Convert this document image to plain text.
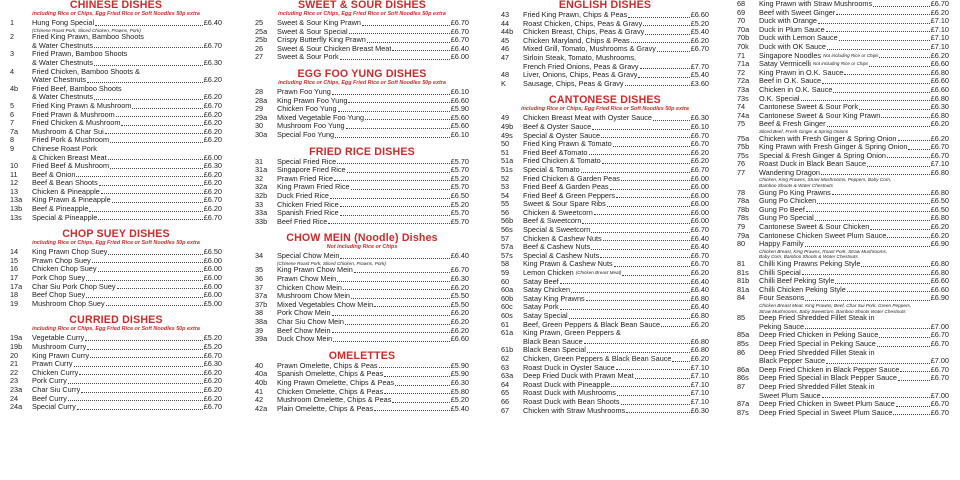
CHINESE DISHES
including Rice or Chips, Egg Fried Rice or Soft Noodles 50p extra
1	Hung Fong Special	£6.40
(Chinese Roast Pork, Sliced Chicken, Prawns, Pork)
2	Fried King Prawn, Bamboo Shoots
& Water Chestnuts	£6.70
3	Fried Prawn, Bamboo Shoots
& Water Chestnuts	£6.30
4	Fried Chicken, Bamboo Shoots &
Water Chestnuts	£6.20
4b	Fried Beef, Bamboo Shoots
& Water Chestnuts	£6.20
5	Fried King Prawn & Mushroom	£6.70
6	Fried Prawn & Mushroom	£6.20
7	Fried Chicken & Mushroom	£6.20
7a	Mushroom & Char Sui	£6.20
8	Fried Pork & Mushroom	£6.20
9	Chinese Roast Pork
& Chicken Breast Meat	£6.00
10	Fried Beef & Mushroom	£6.30
11	Beef & Onion	£6.20
12	Beef & Bean Shoots	£6.20
13	Chicken & Pineapple	£6.20
13a	King Prawn & Pineapple	£6.70
13b	Beef & Pineapple	£6.20
13s	Special & Pineapple	£6.70
CHOP SUEY DISHES
including Rice or Chips, Egg Fried Rice or Soft Noodles 50p extra
14	King Prawn Chop Suey	£6.50
15	Prawn Chop Suey	£6.00
16	Chicken Chop Suey	£6.00
17	Pork Chop Suey	£6.00
17a	Char Siu Pork Chop Suey	£6.00
18	Beef Chop Suey	£6.00
19	Mushroom Chop Suey	£5.00
CURRIED DISHES
including Rice or Chips, Egg Fried Rice or Soft Noodles 50p extra
19a	Vegetable Curry	£5.20
19b	Mushroom Curry	£5.20
20	King Prawn Curry	£6.70
21	Prawn Curry	£6.30
22	Chicken Curry	£6.20
23	Pork Curry	£6.20
23a	Char Siu Curry	£6.20
24	Beef Curry	£6.20
24a	Special Curry	£6.70
SWEET & SOUR DISHES
including Rice or Chips, Egg Fried Rice or Soft Noodles 50p extra
25	Sweet & Sour King Prawn	£6.70
25a	Sweet & Sour Special	£6.70
25b	Crispy Butterfly King Prawn	£6.70
26	Sweet & Sour Chicken Breast Meat	£6.40
27	Sweet & Sour Pork	£6.00
EGG FOO YUNG DISHES
including Rice or Chips, Egg Fried Rice or Soft Noodles 50p extra
28	Prawn Foo Yung	£6.10
28a	King Prawn Foo Yung	£6.60
29	Chicken Foo Yung	£5.90
29a	Mixed Vegetable Foo Yung	£5.60
30	Mushroom Foo Yung	£5.60
30a	Special Foo Yung	£6.10
FRIED RICE DISHES
31	Special Fried Rice	£5.70
31a	Singapore Fried Rice	£5.70
32	Prawn Fried Rice	£5.20
32a	King Prawn Fried Rice	£5.70
32b	Duck Fried Rice	£6.50
33	Chicken Fried Rice	£5.20
33a	Spanish Fried Rice	£5.70
33b	Beef Fried Rice	£5.70
CHOW MEIN (Noodle) Dishes
Not including Rice or Chips
34	Special Chow Mein	£6.40
(Chinese Roast Pork, Sliced Chicken, Prawns, Pork)
35	King Prawn Chow Mein	£6.70
36	Prawn Chow Mein	£6.30
37	Chicken Chow Mein	£6.20
37a	Mushroom Chow Mein	£5.50
37b	Mixed Vegetables Chow Mein	£5.50
38	Pork Chow Mein	£6.20
38a	Char Siu Chow Mein	£6.20
39	Beef Chow Mein	£6.20
39a	Duck Chow Mein	£6.60
OMELETTES
40	Prawn Omelette, Chips & Peas	£5.90
40a	Spanish Omelette, Chips & Peas	£5.90
40b	King Prawn Omelette, Chips & Peas	£6.30
41	Chicken Omelette, Chips & Peas	£5.80
42	Mushroom Omelette, Chips & Peas	£5.20
42a	Plain Omelette, Chips & Peas	£5.40
ENGLISH DISHES
43	Fried King Prawn, Chips & Peas	£6.60
44	Roast Chicken, Chips, Peas & Gravy	£5.20
44b	Chicken Breast, Chips, Peas & Gravy	£5.40
45	Chicken Maryland, Chips & Peas	£6.20
46	Mixed Grill, Tomato, Mushrooms & Gravy	£6.70
47	Sirloin Steak, Tomato, Mushrooms,
French Fried Onions, Peas & Gravy	£7.70
48	Liver, Onions, Chips, Peas & Gravy	£5.40
K	Sausage, Chips, Peas & Gravy	£3.60
CANTONESE DISHES
including Rice or Chips, Egg Fried Rice or Soft Noodles 50p extra
49	Chicken Breast Meat with Oyster Sauce	£6.30
49b	Beef & Oyster Sauce	£6.10
49s	Special & Oyster Sauce	£6.70
50	Fried King Prawn & Tomato	£6.70
51	Fried Beef &Tomato	£6.20
51a	Fried Chicken & Tomato	£6.20
51s	Special & Tomato	£6.70
52	Fried Chicken & Garden Peas	£6.00
53	Fried Beef & Garden Peas	£6.00
54	Fried Beef & Green Peppers	£6.00
55	Sweet & Sour Spare Ribs	£6.00
56	Chicken & Sweetcorn	£6.00
56b	Beef & Sweetcorn	£6.00
56s	Special & Sweetcorn	£6.70
57	Chicken & Cashew Nuts	£6.40
57a	Beef & Cashew Nuts	£6.40
57s	Special & Cashew Nuts	£6.70
58	King Prawn & Cashew Nuts	£6.70
59	Lemon Chicken (Chicken Breast Meat)	£6.20
60	Satay Beef	£6.40
60a	Satay Chicken	£6.40
60b	Satay King Prawns	£6.80
60c	Satay Pork	£6.40
60s	Satay Special	£6.80
61	Beef, Green Peppers & Black Bean Sauce	£6.20
61a	King Prawn, Green Peppers &
Black Bean Sauce	£6.80
61b	Black Bean Special	£6.80
62	Chicken, Green Peppers & Black Bean Sauce	£6.20
63	Roast Duck in Oyster Sauce	£7.10
63a	Deep Fried Duck with Prawn Meat	£7.10
64	Roast Duck with Pineapple	£7.10
65	Roast Duck with Mushrooms	£7.10
66	Roast Duck with Bean Shoots	£7.10
67	Chicken with Straw Mushrooms	£6.30
68	King Prawn with Straw Mushrooms	£6.70
69	Beef with Sweet Ginger	£6.20
70	Duck with Orange	£7.10
70a	Duck in Plum Sauce	£7.10
70b	Duck with Lemon Sauce	£7.10
70k	Duck with OK Sauce	£7.10
71	Singapore Noodles Not including Rice or Chips	£6.20
71a	Satay Vermicelli Not including Rice or Chips	£6.60
72	King Prawn in O.K. Sauce	£6.80
72a	Beef in O.K. Sauce	£6.60
73a	Chicken in O.K. Sauce	£6.60
73s	O.K. Special	£6.80
74	Cantonese Sweet & Sour Pork	£6.30
74a	Cantonese Sweet & Sour King Prawn	£6.80
75	Beef & Fresh Ginger	£6.20
Sliced Beef, Fresh Ginger & Spring Onions
75a	Chicken with Fresh Ginger & Spring Onion	£6.20
75b	King Prawn with Fresh Ginger & Spring Onion	£6.70
75s	Special & Fresh Ginger & Spring Onion	£6.70
76	Roast Duck in Black Bean Sauce	£7.10
77	Wandering Dragon	£6.80
Chicken, King Prawns, Straw Mushrooms, Peppers, Baby Corn,
Bamboo Shoots & Water Chestnuts
78	Gung Po King Prawns	£6.80
78a	Gung Po Chicken	£6.50
78b	Gung Po Beef	£6.50
78s	Gung Po Special	£6.80
79	Cantonese Sweet & Sour Chicken	£6.20
79a	Cantonese Chicken Sweet Plum Sauce	£6.20
80	Happy Family	£6.90
Chicken Breast, King Prawns, Roast Pork, Straw Mushrooms,
Baby Corn, Bamboo Shoots & Water Chestnuts
81	Chilli King Prawns Peking Style	£6.80
81s	Chilli Special	£6.80
81b	Chilli Beef Peking Style	£6.60
81a	Chilli Chicken Peking Style	£6.60
84	Four Seasons	£6.90
Chicken Breast Meat, King Prawns, Beef, Char Sui Pork, Green Peppers,
Straw Mushrooms, Baby Sweetcorn, Bamboo Shoots Water Chestnuts
85	Deep Fried Shredded Fillet Steak in
Peking Sauce	£7.00
85a	Deep Fried Chicken in Peking Sauce	£6.70
85s	Deep Fried Special in Peking Sauce	£6.70
86	Deep Fried Shredded Fillet Steak in
Black Pepper Sauce	£7.00
86a	Deep Fried Chicken in Black Pepper Sauce	£6.70
86s	Deep Fried Special in Black Pepper Sauce	£6.70
87	Deep Fried Shredded Fillet Steak in
Sweet Plum Sauce	£7.00
87a	Deep Fried Chicken in Sweet Plum Sauce	£6.70
87s	Deep Fried Special in Sweet Plum Sauce	£6.70
